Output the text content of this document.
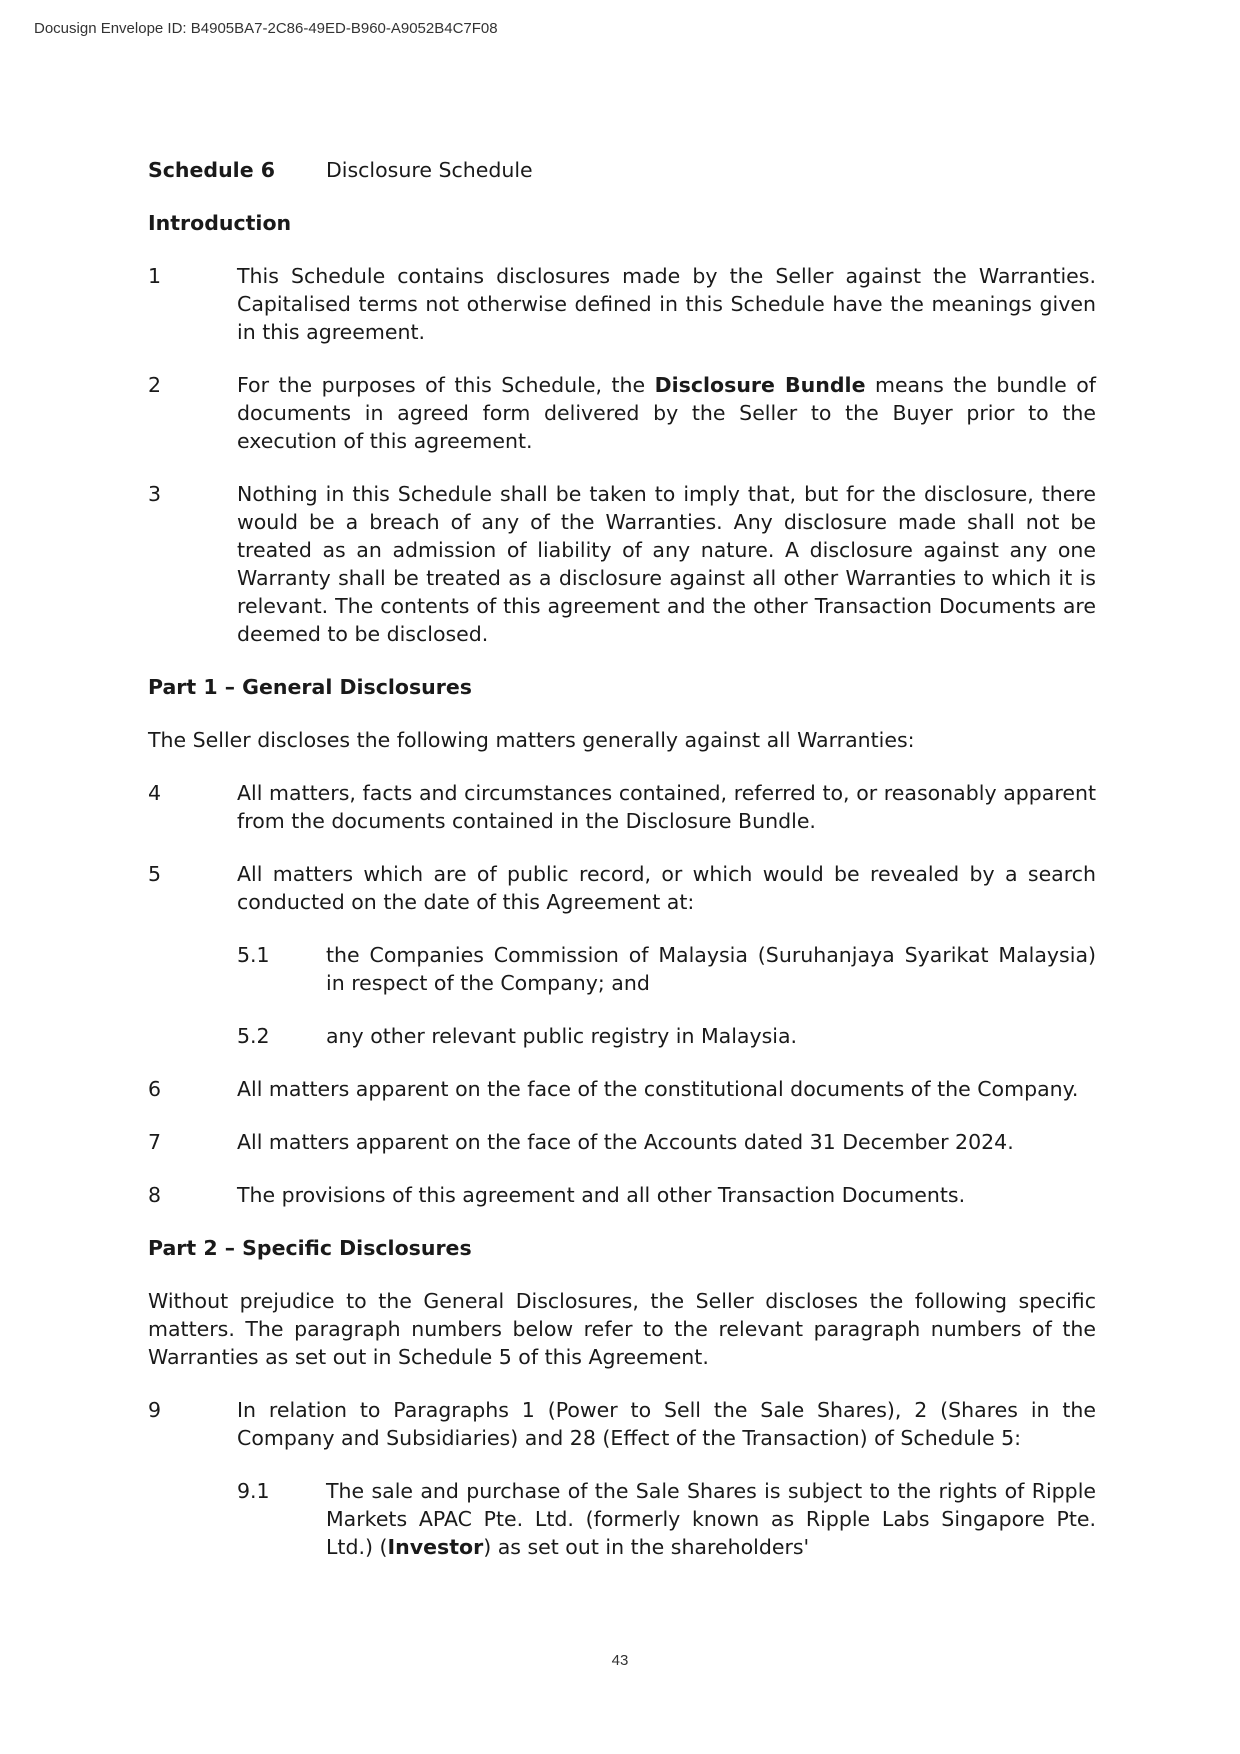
Docusign Envelope ID: B4905BA7-2C86-49ED-B960-A9052B4C7F08
Schedule 6	Disclosure Schedule
Introduction
1	This Schedule contains disclosures made by the Seller against the Warranties. Capitalised terms not otherwise defined in this Schedule have the meanings given in this agreement.
2	For the purposes of this Schedule, the Disclosure Bundle means the bundle of documents in agreed form delivered by the Seller to the Buyer prior to the execution of this agreement.
3	Nothing in this Schedule shall be taken to imply that, but for the disclosure, there would be a breach of any of the Warranties. Any disclosure made shall not be treated as an admission of liability of any nature. A disclosure against any one Warranty shall be treated as a disclosure against all other Warranties to which it is relevant. The contents of this agreement and the other Transaction Documents are deemed to be disclosed.
Part 1 – General Disclosures
The Seller discloses the following matters generally against all Warranties:
4	All matters, facts and circumstances contained, referred to, or reasonably apparent from the documents contained in the Disclosure Bundle.
5	All matters which are of public record, or which would be revealed by a search conducted on the date of this Agreement at:
5.1	the Companies Commission of Malaysia (Suruhanjaya Syarikat Malaysia) in respect of the Company; and
5.2	any other relevant public registry in Malaysia.
6	All matters apparent on the face of the constitutional documents of the Company.
7	All matters apparent on the face of the Accounts dated 31 December 2024.
8	The provisions of this agreement and all other Transaction Documents.
Part 2 – Specific Disclosures
Without prejudice to the General Disclosures, the Seller discloses the following specific matters. The paragraph numbers below refer to the relevant paragraph numbers of the Warranties as set out in Schedule 5 of this Agreement.
9	In relation to Paragraphs 1 (Power to Sell the Sale Shares), 2 (Shares in the Company and Subsidiaries) and 28 (Effect of the Transaction) of Schedule 5:
9.1	The sale and purchase of the Sale Shares is subject to the rights of Ripple Markets APAC Pte. Ltd. (formerly known as Ripple Labs Singapore Pte. Ltd.) (Investor) as set out in the shareholders'
43
